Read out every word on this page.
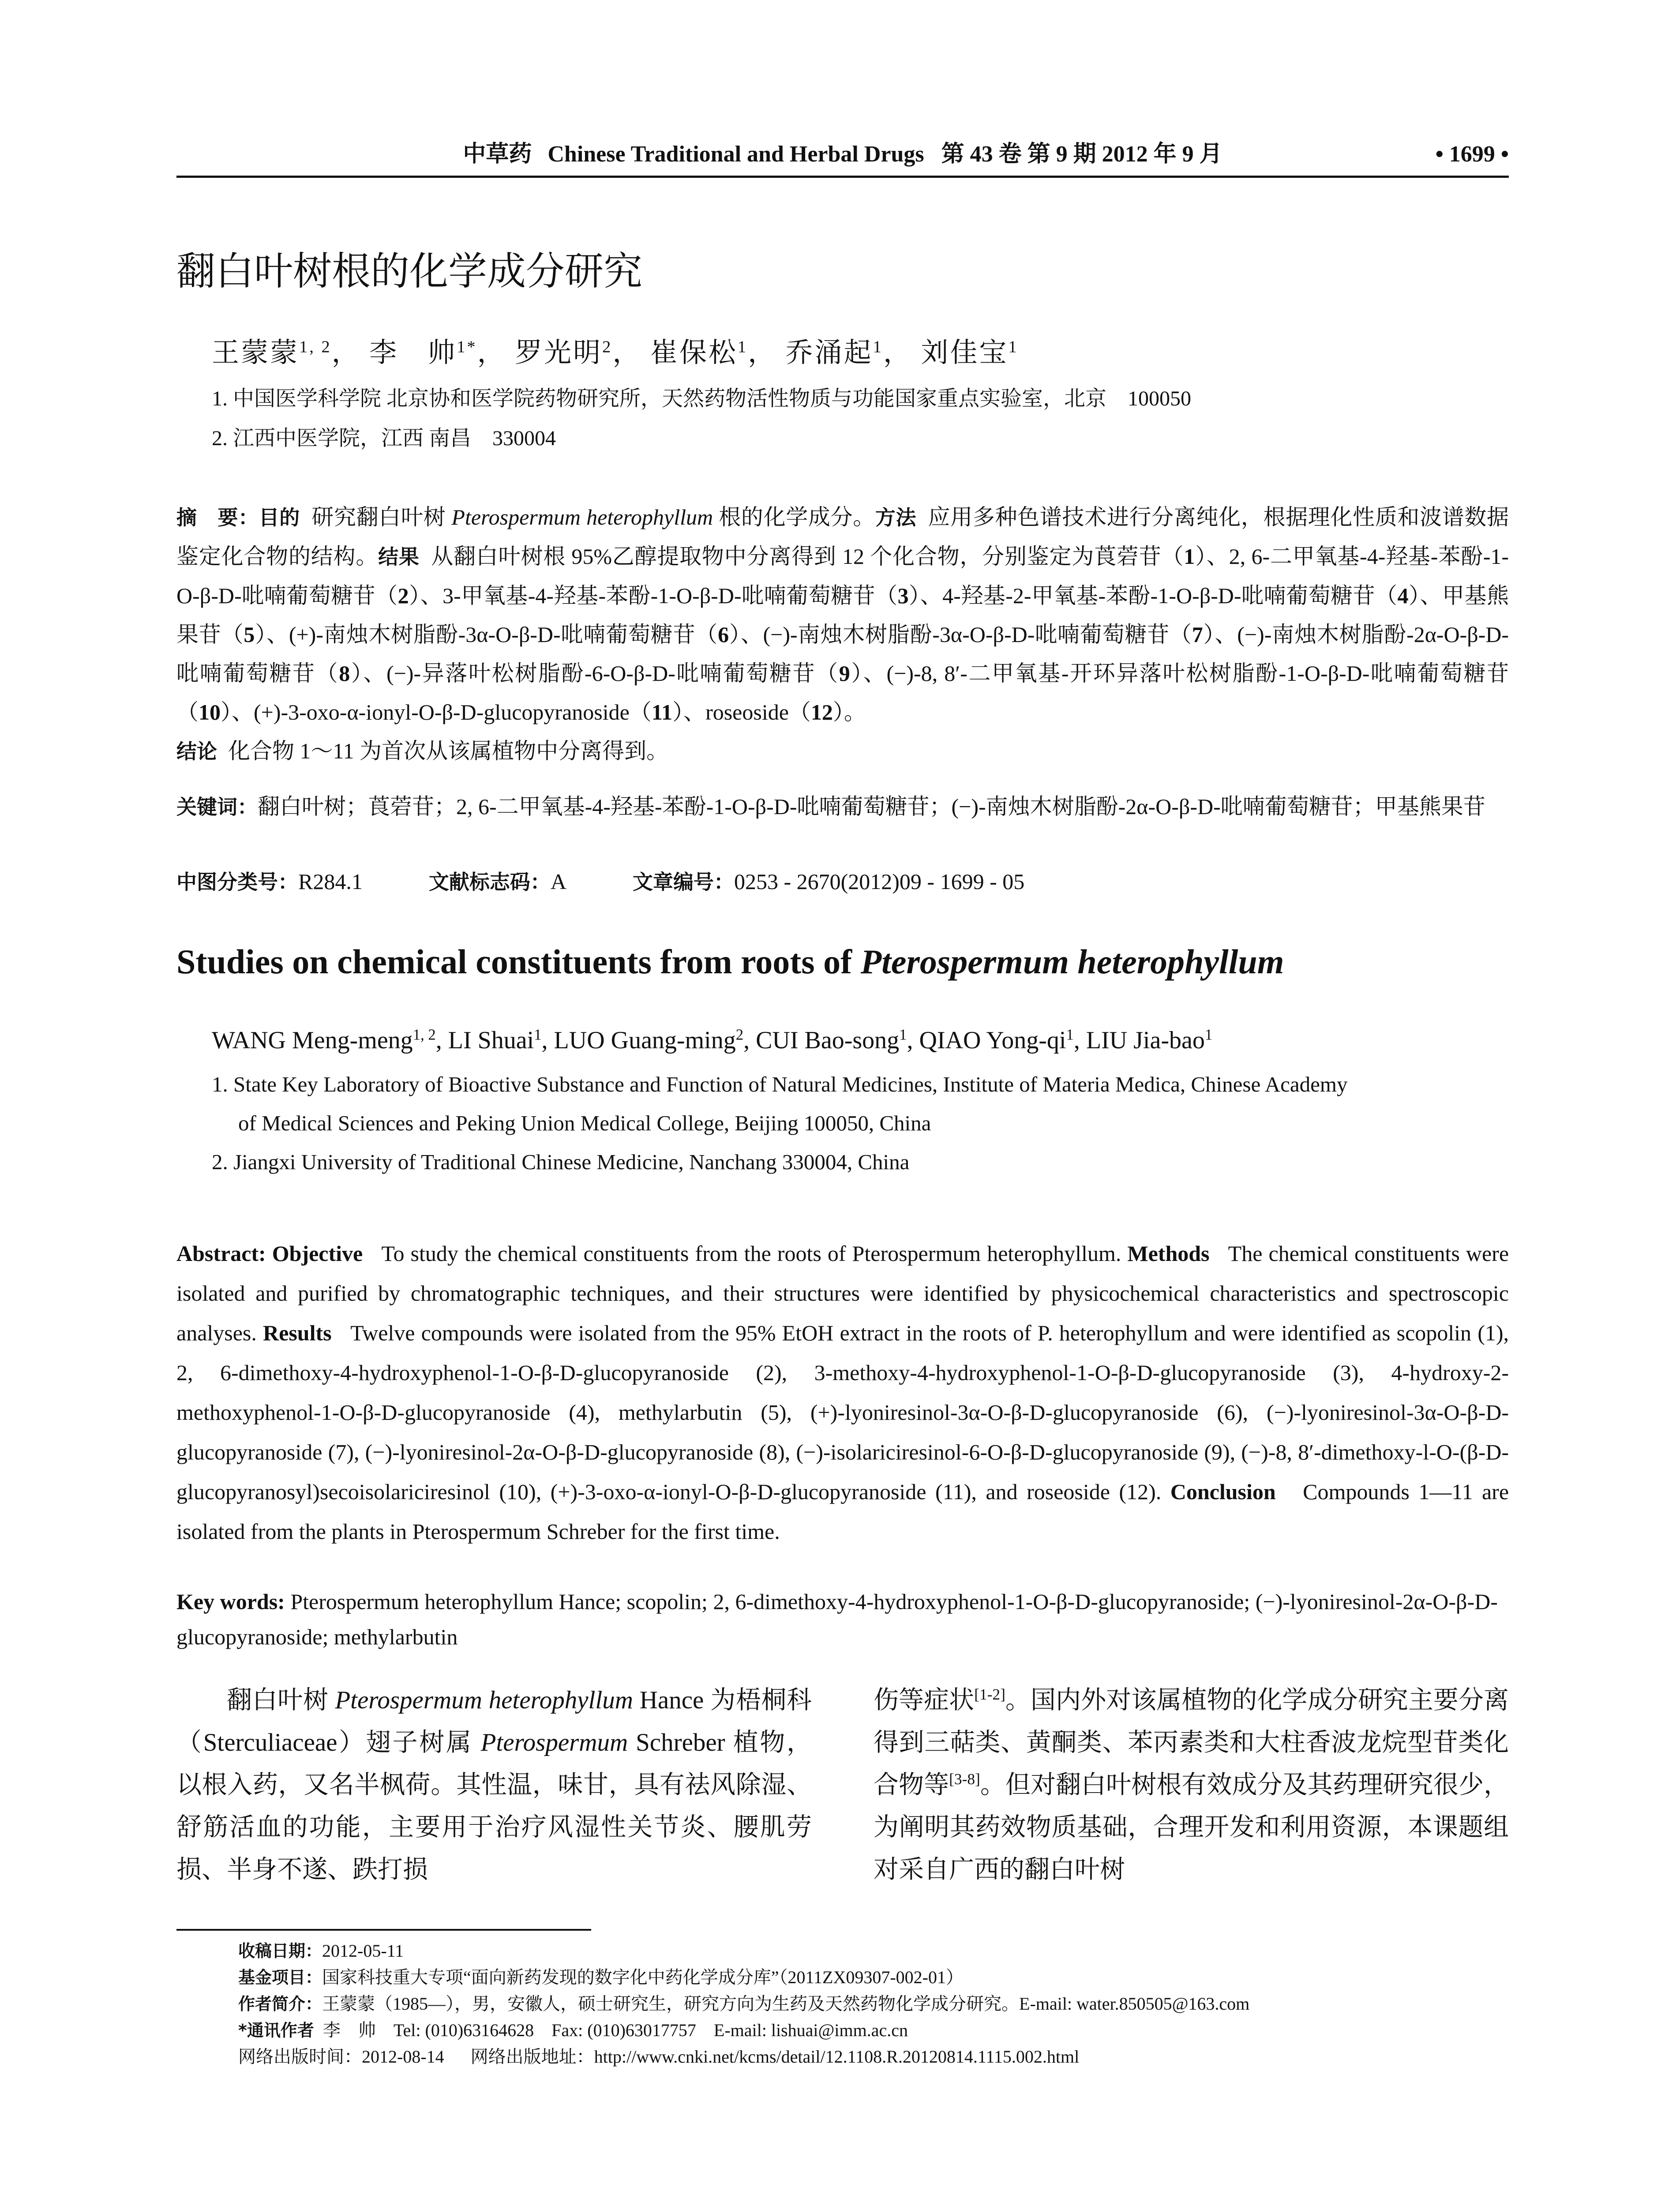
中草药 Chinese Traditional and Herbal Drugs 第 43 卷 第 9 期 2012 年 9 月	• 1699 •
翻白叶树根的化学成分研究
王蒙蒙$^{1, 2}$， 李　帅$^{1*}$， 罗光明$^2$， 崔保松$^1$， 乔涌起$^1$， 刘佳宝$^1$
1. 中国医学科学院 北京协和医学院药物研究所，天然药物活性物质与功能国家重点实验室，北京　100050
2. 江西中医学院，江西 南昌　330004
摘　要：目的 研究翻白叶树 Pterospermum heterophyllum 根的化学成分。方法 应用多种色谱技术进行分离纯化，根据理化性质和波谱数据鉴定化合物的结构。结果 从翻白叶树根 95%乙醇提取物中分离得到 12 个化合物，分别鉴定为莨菪苷（1）、2, 6-二甲氧基-4-羟基-苯酚-1-O-β-D-吡喃葡萄糖苷（2）、3-甲氧基-4-羟基-苯酚-1-O-β-D-吡喃葡萄糖苷（3）、4-羟基-2-甲氧基-苯酚-1-O-β-D-吡喃葡萄糖苷（4）、甲基熊果苷（5）、(+)-南烛木树脂酚-3α-O-β-D-吡喃葡萄糖苷（6）、(−)-南烛木树脂酚-3α-O-β-D-吡喃葡萄糖苷（7）、(−)-南烛木树脂酚-2α-O-β-D-吡喃葡萄糖苷（8）、(−)-异落叶松树脂酚-6-O-β-D-吡喃葡萄糖苷（9）、(−)-8, 8′-二甲氧基-开环异落叶松树脂酚-1-O-β-D-吡喃葡萄糖苷（10）、(+)-3-oxo-α-ionyl-O-β-D-glucopyranoside（11）、roseoside（12）。
结论 化合物 1～11 为首次从该属植物中分离得到。
关键词：翻白叶树；莨菪苷；2, 6-二甲氧基-4-羟基-苯酚-1-O-β-D-吡喃葡萄糖苷；(−)-南烛木树脂酚-2α-O-β-D-吡喃葡萄糖苷；甲基熊果苷
中图分类号：R284.1	文献标志码：A	文章编号：0253 - 2670(2012)09 - 1699 - 05
Studies on chemical constituents from roots of Pterospermum heterophyllum
WANG Meng-meng$^{1, 2}$, LI Shuai$^1$, LUO Guang-ming$^2$, CUI Bao-song$^1$, QIAO Yong-$qi^1$, LIU Jia-bao$^1$
1. State Key Laboratory of Bioactive Substance and Function of Natural Medicines, Institute of Materia Medica, Chinese Academy
of Medical Sciences and Peking Union Medical College, Beijing 100050, China
2. Jiangxi University of Traditional Chinese Medicine, Nanchang 330004, China
Abstract: Objective To study the chemical constituents from the roots of Pterospermum heterophyllum. Methods The chemical constituents were isolated and purified by chromatographic techniques, and their structures were identified by physicochemical characteristics and spectroscopic analyses. Results Twelve compounds were isolated from the 95% EtOH extract in the roots of P. heterophyllum and were identified as scopolin (1), 2, 6-dimethoxy-4-hydroxyphenol-1-O-β-D-glucopyranoside (2), 3-methoxy-4-hydroxyphenol-1-O-β-D-glucopyranoside (3), 4-hydroxy-2-methoxyphenol-1-O-β-D-glucopyranoside (4), methylarbutin (5), (+)-lyoniresinol-3α-O-β-D-glucopyranoside (6), (−)-lyoniresinol-3α-O-β-D-glucopyranoside (7), (−)-lyoniresinol-2α-O-β-D-glucopyranoside (8), (−)-isolariciresinol-6-O-β-D-glucopyranoside (9), (−)-8, 8′-dimethoxy-l-O-(β-D-glucopyranosyl)secoisolariciresinol (10), (+)-3-oxo-α-ionyl-O-β-D-glucopyranoside (11), and roseoside (12). Conclusion Compounds 1—11 are isolated from the plants in Pterospermum Schreber for the first time.
Key words: Pterospermum heterophyllum Hance; scopolin; 2, 6-dimethoxy-4-hydroxyphenol-1-O-β-D-glucopyranoside; (−)-lyoniresinol-2α-O-β-D-glucopyranoside; methylarbutin
翻白叶树 Pterospermum heterophyllum Hance 为梧桐科（Sterculiaceae）翅子树属 Pterospermum Schreber 植物，以根入药，又名半枫荷。其性温，味甘，具有祛风除湿、舒筋活血的功能，主要用于治疗风湿性关节炎、腰肌劳损、半身不遂、跌打损
伤等症状[1-2]。国内外对该属植物的化学成分研究主要分离得到三萜类、黄酮类、苯丙素类和大柱香波龙烷型苷类化合物等[3-8]。但对翻白叶树根有效成分及其药理研究很少，为阐明其药效物质基础，合理开发和利用资源，本课题组对采自广西的翻白叶树
收稿日期：2012-05-11
基金项目：国家科技重大专项“面向新药发现的数字化中药化学成分库”（2011ZX09307-002-01）
作者简介：王蒙蒙（1985—），男，安徽人，硕士研究生，研究方向为生药及天然药物化学成分研究。E-mail: water.850505@163.com
*通讯作者 李　帅　Tel: (010)63164628　Fax: (010)63017757　E-mail: lishuai@imm.ac.cn
网络出版时间：2012-08-14 网络出版地址：http://www.cnki.net/kcms/detail/12.1108.R.20120814.1115.002.html
